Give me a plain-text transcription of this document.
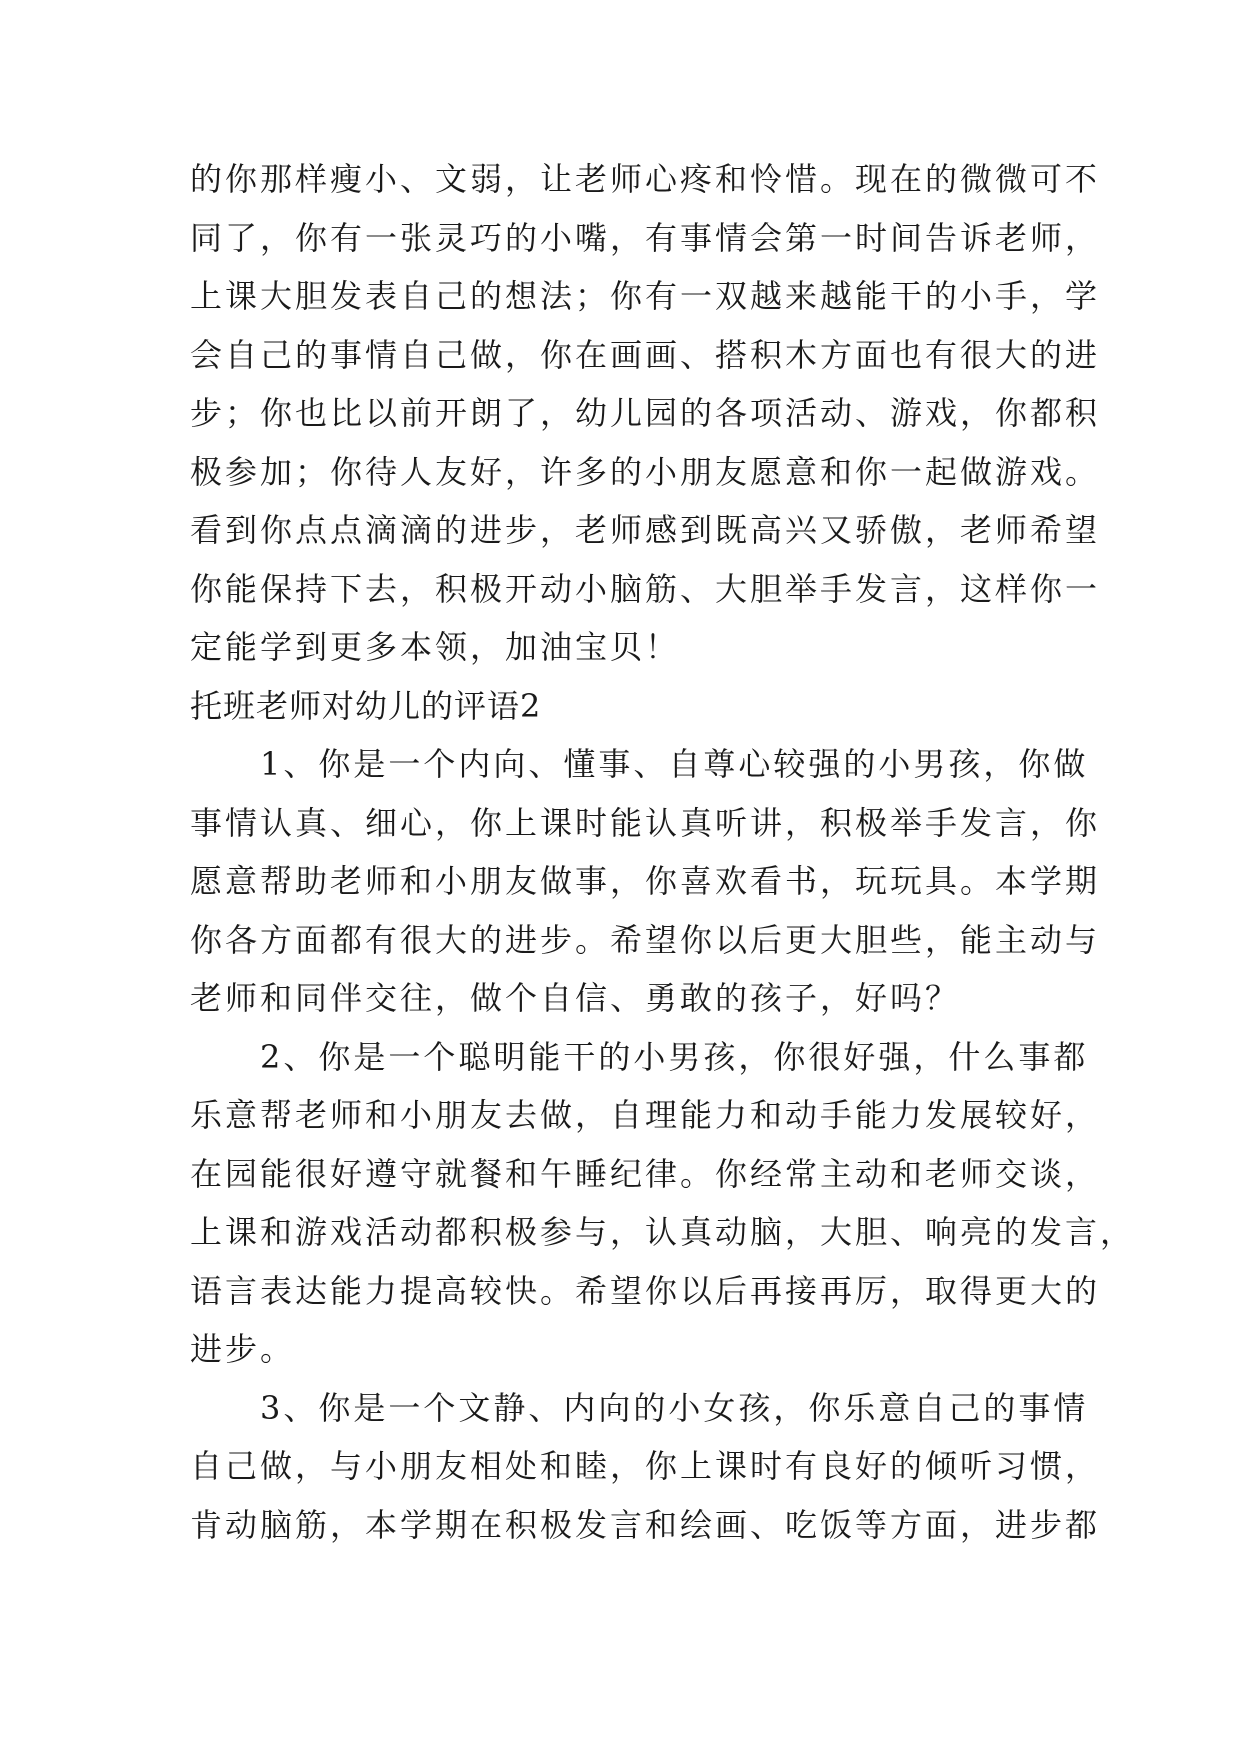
的你那样瘦小、文弱，让老师心疼和怜惜。现在的微微可不
同了，你有一张灵巧的小嘴，有事情会第一时间告诉老师，
上课大胆发表自己的想法；你有一双越来越能干的小手，学
会自己的事情自己做，你在画画、搭积木方面也有很大的进
步；你也比以前开朗了，幼儿园的各项活动、游戏，你都积
极参加；你待人友好，许多的小朋友愿意和你一起做游戏。
看到你点点滴滴的进步，老师感到既高兴又骄傲，老师希望
你能保持下去，积极开动小脑筋、大胆举手发言，这样你一
定能学到更多本领，加油宝贝！
托班老师对幼儿的评语2
　　1、你是一个内向、懂事、自尊心较强的小男孩，你做
事情认真、细心，你上课时能认真听讲，积极举手发言，你
愿意帮助老师和小朋友做事，你喜欢看书，玩玩具。本学期
你各方面都有很大的进步。希望你以后更大胆些，能主动与
老师和同伴交往，做个自信、勇敢的孩子，好吗？
　　2、你是一个聪明能干的小男孩，你很好强，什么事都
乐意帮老师和小朋友去做，自理能力和动手能力发展较好，
在园能很好遵守就餐和午睡纪律。你经常主动和老师交谈，
上课和游戏活动都积极参与，认真动脑，大胆、响亮的发言，
语言表达能力提高较快。希望你以后再接再厉，取得更大的
进步。
　　3、你是一个文静、内向的小女孩，你乐意自己的事情
自己做，与小朋友相处和睦，你上课时有良好的倾听习惯，
肯动脑筋，本学期在积极发言和绘画、吃饭等方面，进步都
